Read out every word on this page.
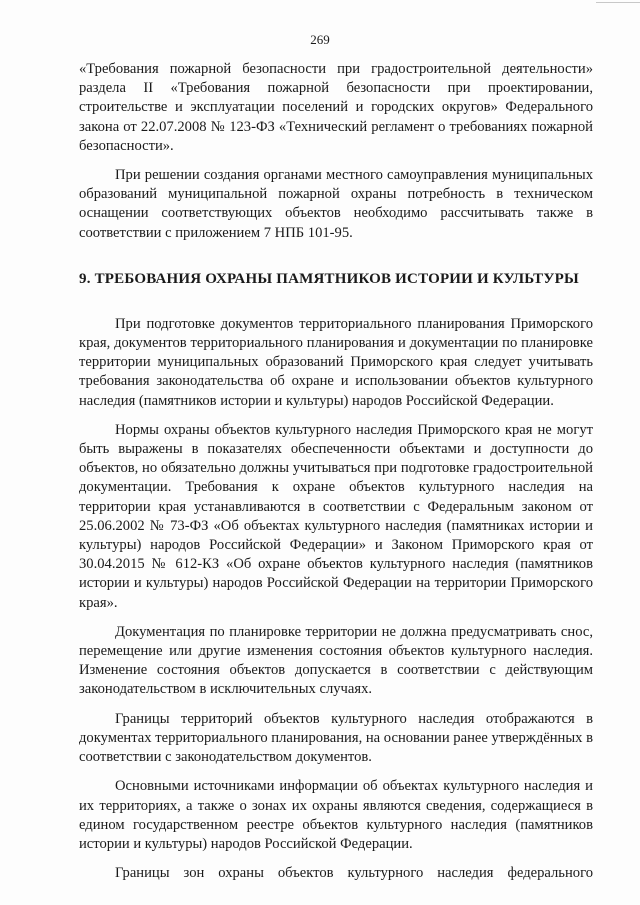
269

«Требования пожарной безопасности при градостроительной деятельности» раздела II «Требования пожарной безопасности при проектировании, строительстве и эксплуатации поселений и городских округов» Федерального закона от 22.07.2008 № 123-ФЗ «Технический регламент о требованиях пожарной безопасности».

При решении создания органами местного самоуправления муниципальных образований муниципальной пожарной охраны потребность в техническом оснащении соответствующих объектов необходимо рассчитывать также в соответствии с приложением 7 НПБ 101-95.

9. ТРЕБОВАНИЯ ОХРАНЫ ПАМЯТНИКОВ ИСТОРИИ И КУЛЬТУРЫ

При подготовке документов территориального планирования Приморского края, документов территориального планирования и документации по планировке территории муниципальных образований Приморского края следует учитывать требования законодательства об охране и использовании объектов культурного наследия (памятников истории и культуры) народов Российской Федерации.

Нормы охраны объектов культурного наследия Приморского края не могут быть выражены в показателях обеспеченности объектами и доступности до объектов, но обязательно должны учитываться при подготовке градостроительной документации. Требования к охране объектов культурного наследия на территории края устанавливаются в соответствии с Федеральным законом от 25.06.2002 № 73-ФЗ «Об объектах культурного наследия (памятниках истории и культуры) народов Российской Федерации» и Законом Приморского края от 30.04.2015 № 612-КЗ «Об охране объектов культурного наследия (памятников истории и культуры) народов Российской Федерации на территории Приморского края».

Документация по планировке территории не должна предусматривать снос, перемещение или другие изменения состояния объектов культурного наследия. Изменение состояния объектов допускается в соответствии с действующим законодательством в исключительных случаях.

Границы территорий объектов культурного наследия отображаются в документах территориального планирования, на основании ранее утверждённых в соответствии с законодательством документов.

Основными источниками информации об объектах культурного наследия и их территориях, а также о зонах их охраны являются сведения, содержащиеся в едином государственном реестре объектов культурного наследия (памятников истории и культуры) народов Российской Федерации.

Границы зон охраны объектов культурного наследия федерального
